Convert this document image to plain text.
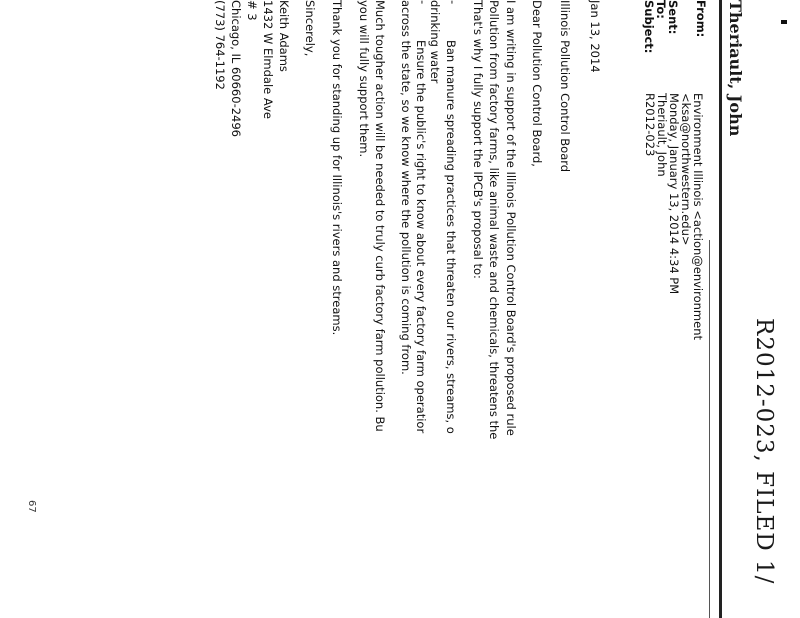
R2012-023, FILED 1/
Theriault, John
From:
Environment Illinois <action@environment
<ksa@northwestern.edu>
Sent:
Monday, January 13, 2014 4:34 PM
To:
Theriault, John
Subject:
R2012-023
Jan 13, 2014
Illinois Pollution Control Board
Dear Pollution Control Board,
I am writing in support of the Illinois Pollution Control Board's proposed rule
Pollution from factory farms, like animal waste and chemicals, threatens the
That's why I fully support the IPCB's proposal to:
-
Ban manure spreading practices that threaten our rivers, streams, o
drinking water
-
Ensure the public's right to know about every factory farm operatior
across the state, so we know where the pollution is coming from.
Much tougher action will be needed to truly curb factory farm pollution. Bu
you will fully support them.
Thank you for standing up for Illinois's rivers and streams.
Sincerely,
Keith Adams
1432 W Elmdale Ave
# 3
Chicago, IL 60660-2496
(773) 764-1192
67
